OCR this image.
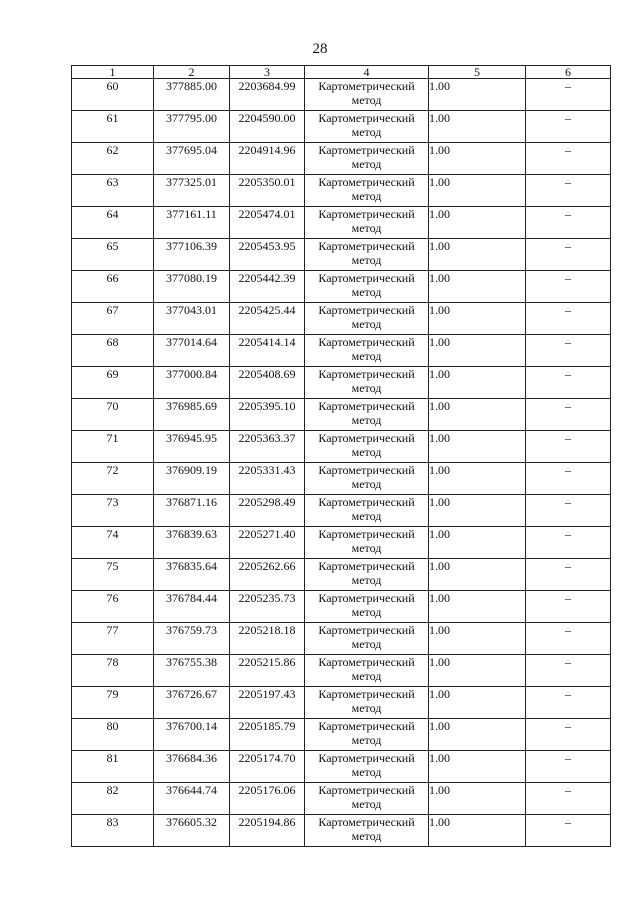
28
1	2	3	4	5	6
60	377885.00	2203684.99	Картометрический метод	1.00	–
61	377795.00	2204590.00	Картометрический метод	1.00	–
62	377695.04	2204914.96	Картометрический метод	1.00	–
63	377325.01	2205350.01	Картометрический метод	1.00	–
64	377161.11	2205474.01	Картометрический метод	1.00	–
65	377106.39	2205453.95	Картометрический метод	1.00	–
66	377080.19	2205442.39	Картометрический метод	1.00	–
67	377043.01	2205425.44	Картометрический метод	1.00	–
68	377014.64	2205414.14	Картометрический метод	1.00	–
69	377000.84	2205408.69	Картометрический метод	1.00	–
70	376985.69	2205395.10	Картометрический метод	1.00	–
71	376945.95	2205363.37	Картометрический метод	1.00	–
72	376909.19	2205331.43	Картометрический метод	1.00	–
73	376871.16	2205298.49	Картометрический метод	1.00	–
74	376839.63	2205271.40	Картометрический метод	1.00	–
75	376835.64	2205262.66	Картометрический метод	1.00	–
76	376784.44	2205235.73	Картометрический метод	1.00	–
77	376759.73	2205218.18	Картометрический метод	1.00	–
78	376755.38	2205215.86	Картометрический метод	1.00	–
79	376726.67	2205197.43	Картометрический метод	1.00	–
80	376700.14	2205185.79	Картометрический метод	1.00	–
81	376684.36	2205174.70	Картометрический метод	1.00	–
82	376644.74	2205176.06	Картометрический метод	1.00	–
83	376605.32	2205194.86	Картометрический метод	1.00	–
